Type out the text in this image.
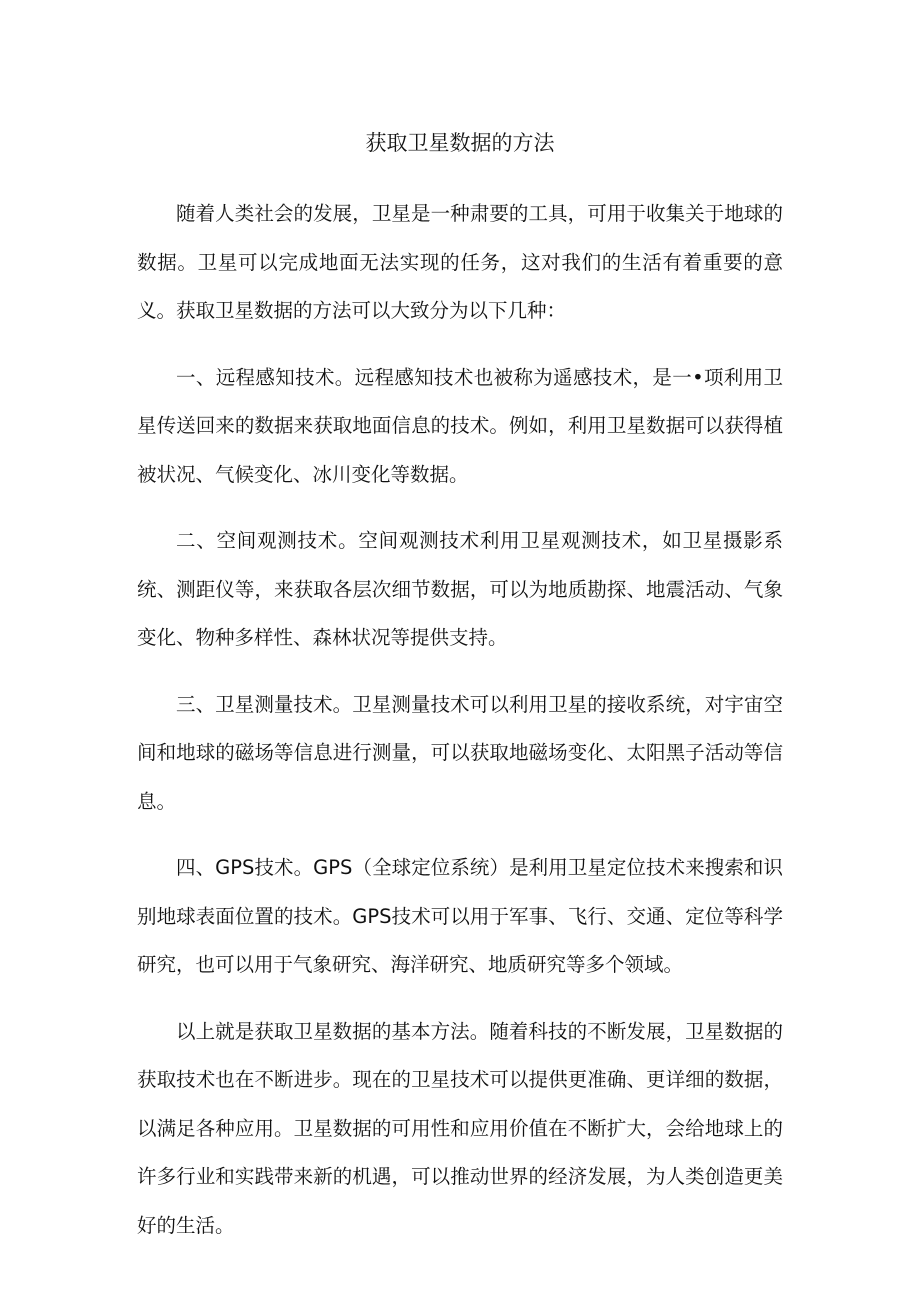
获取卫星数据的方法

随着人类社会的发展，卫星是一种肃要的工具，可用于收集关于地球的数据。卫星可以完成地面无法实现的任务，这对我们的生活有着重要的意义。获取卫星数据的方法可以大致分为以下几种：

一、远程感知技术。远程感知技术也被称为遥感技术，是一•项利用卫星传送回来的数据来获取地面信息的技术。例如，利用卫星数据可以获得植被状况、气候变化、冰川变化等数据。

二、空间观测技术。空间观测技术利用卫星观测技术，如卫星摄影系统、测距仪等，来获取各层次细节数据，可以为地质勘探、地震活动、气象变化、物种多样性、森林状况等提供支持。

三、卫星测量技术。卫星测量技术可以利用卫星的接收系统，对宇宙空间和地球的磁场等信息进行测量，可以获取地磁场变化、太阳黑子活动等信息。

四、GPS技术。GPS（全球定位系统）是利用卫星定位技术来搜索和识别地球表面位置的技术。GPS技术可以用于军事、飞行、交通、定位等科学研究，也可以用于气象研究、海洋研究、地质研究等多个领域。

以上就是获取卫星数据的基本方法。随着科技的不断发展，卫星数据的获取技术也在不断进步。现在的卫星技术可以提供更准确、更详细的数据，以满足各种应用。卫星数据的可用性和应用价值在不断扩大，会给地球上的许多行业和实践带来新的机遇，可以推动世界的经济发展，为人类创造更美好的生活。
